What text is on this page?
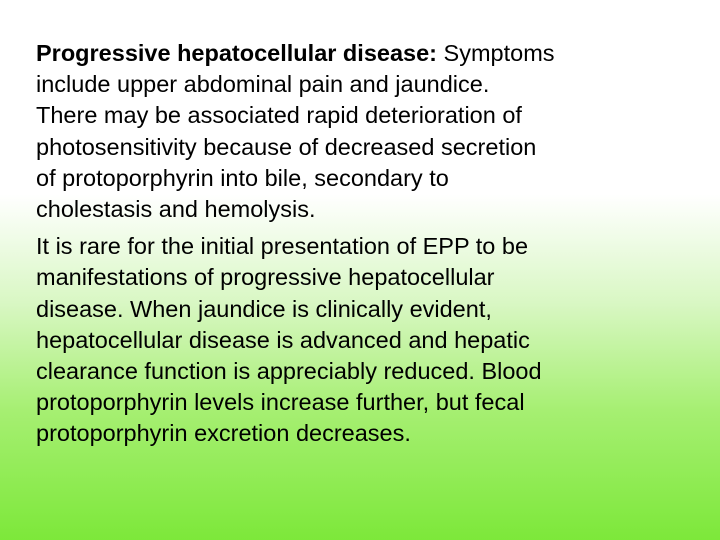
Progressive hepatocellular disease: Symptoms
include upper abdominal pain and jaundice.
There may be associated rapid deterioration of
photosensitivity because of decreased secretion
of protoporphyrin into bile, secondary to
cholestasis and hemolysis.

It is rare for the initial presentation of EPP to be
manifestations of progressive hepatocellular
disease. When jaundice is clinically evident,
hepatocellular disease is advanced and hepatic
clearance function is appreciably reduced. Blood
protoporphyrin levels increase further, but fecal
protoporphyrin excretion decreases.
